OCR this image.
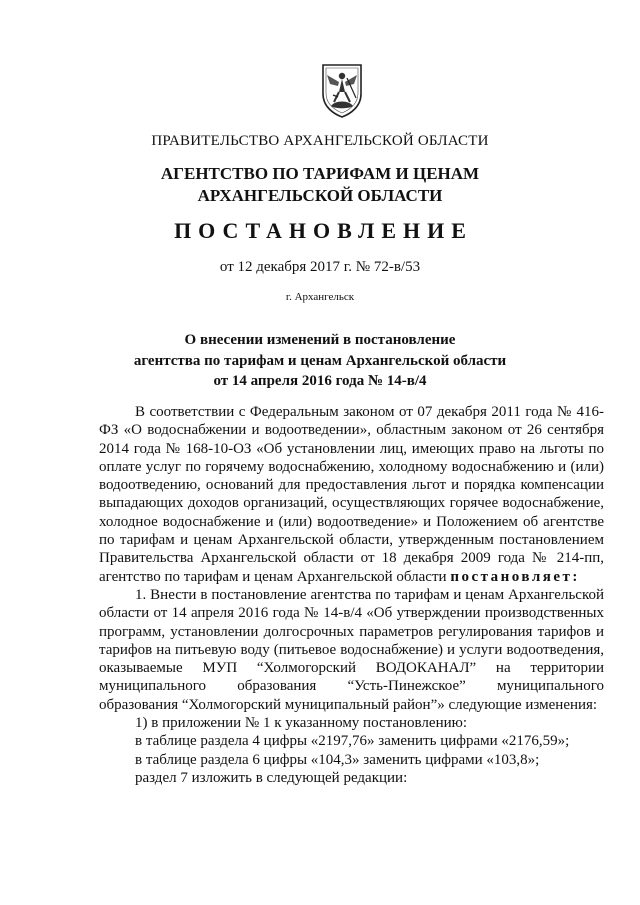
ПРАВИТЕЛЬСТВО АРХАНГЕЛЬСКОЙ ОБЛАСТИ

АГЕНТСТВО ПО ТАРИФАМ И ЦЕНАМ
АРХАНГЕЛЬСКОЙ ОБЛАСТИ

ПОСТАНОВЛЕНИЕ

от 12 декабря 2017 г. № 72-в/53

г. Архангельск

О внесении изменений в постановление
агентства по тарифам и ценам Архангельской области
от 14 апреля 2016 года № 14-в/4

В соответствии с Федеральным законом от 07 декабря 2011 года № 416-ФЗ «О водоснабжении и водоотведении», областным законом от 26 сентября 2014 года № 168-10-ОЗ «Об установлении лиц, имеющих право на льготы по оплате услуг по горячему водоснабжению, холодному водоснабжению и (или) водоотведению, оснований для предоставления льгот и порядка компенсации выпадающих доходов организаций, осуществляющих горячее водоснабжение, холодное водоснабжение и (или) водоотведение» и Положением об агентстве по тарифам и ценам Архангельской области, утвержденным постановлением Правительства Архангельской области от 18 декабря 2009 года № 214-пп, агентство по тарифам и ценам Архангельской области постановляет:

1. Внести в постановление агентства по тарифам и ценам Архангельской области от 14 апреля 2016 года № 14-в/4 «Об утверждении производственных программ, установлении долгосрочных параметров регулирования тарифов и тарифов на питьевую воду (питьевое водоснабжение) и услуги водоотведения, оказываемые МУП “Холмогорский ВОДОКАНАЛ” на территории муниципального образования “Усть-Пинежское” муниципального образования “Холмогорский муниципальный район”» следующие изменения:

1) в приложении № 1 к указанному постановлению:

в таблице раздела 4 цифры «2197,76» заменить цифрами «2176,59»;

в таблице раздела 6 цифры «104,3» заменить цифрами «103,8»;

раздел 7 изложить в следующей редакции:
